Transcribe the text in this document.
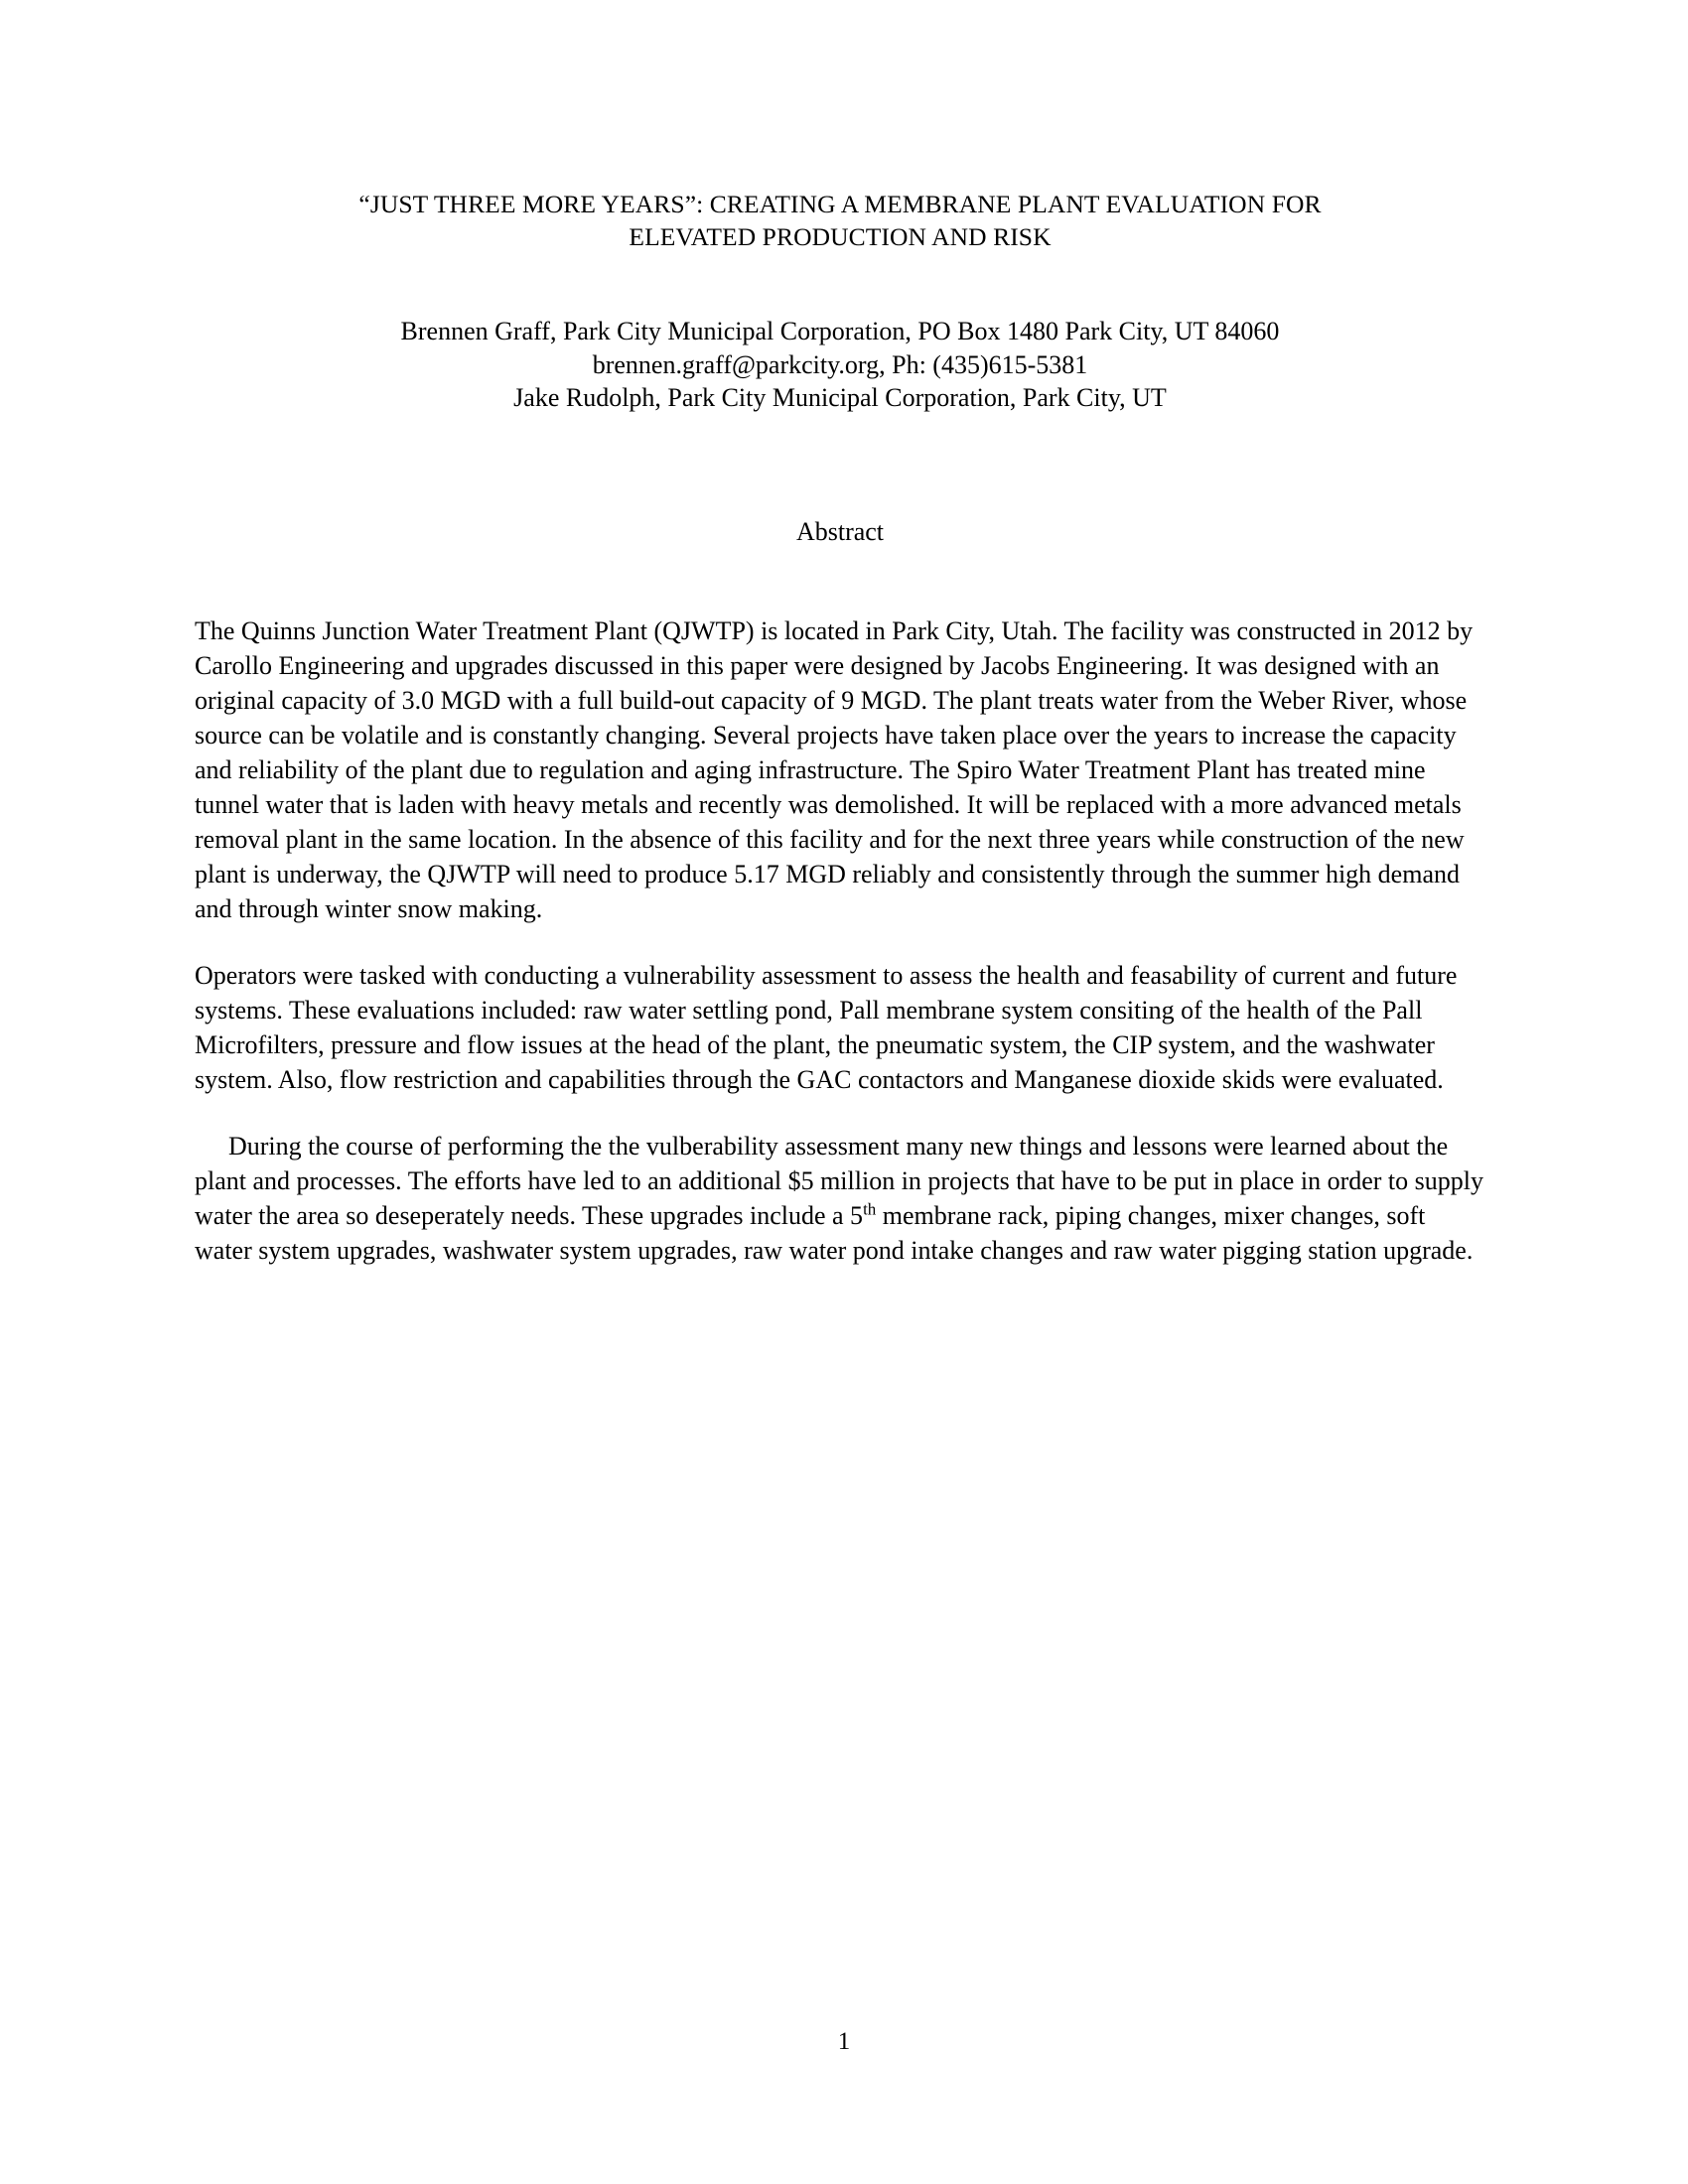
“JUST THREE MORE YEARS”: CREATING A MEMBRANE PLANT EVALUATION FOR
ELEVATED PRODUCTION AND RISK
Brennen Graff, Park City Municipal Corporation, PO Box 1480 Park City, UT 84060
brennen.graff@parkcity.org, Ph: (435)615-5381
Jake Rudolph, Park City Municipal Corporation, Park City, UT
Abstract

The Quinns Junction Water Treatment Plant (QJWTP) is located in Park City, Utah. The facility was constructed in 2012 by Carollo Engineering and upgrades discussed in this paper were designed by Jacobs Engineering. It was designed with an original capacity of 3.0 MGD with a full build-out capacity of 9 MGD. The plant treats water from the Weber River, whose source can be volatile and is constantly changing. Several projects have taken place over the years to increase the capacity and reliability of the plant due to regulation and aging infrastructure. The Spiro Water Treatment Plant has treated mine tunnel water that is laden with heavy metals and recently was demolished. It will be replaced with a more advanced metals removal plant in the same location. In the absence of this facility and for the next three years while construction of the new plant is underway, the QJWTP will need to produce 5.17 MGD reliably and consistently through the summer high demand and through winter snow making.

Operators were tasked with conducting a vulnerability assessment to assess the health and feasability of current and future systems. These evaluations included: raw water settling pond, Pall membrane system consiting of the health of the Pall Microfilters, pressure and flow issues at the head of the plant, the pneumatic system, the CIP system, and the washwater system. Also, flow restriction and capabilities through the GAC contactors and Manganese dioxide skids were evaluated.

During the course of performing the the vulberability assessment many new things and lessons were learned about the plant and processes. The efforts have led to an additional $5 million in projects that have to be put in place in order to supply water the area so deseperately needs. These upgrades include a 5th membrane rack, piping changes, mixer changes, soft water system upgrades, washwater system upgrades, raw water pond intake changes and raw water pigging station upgrade.

1
